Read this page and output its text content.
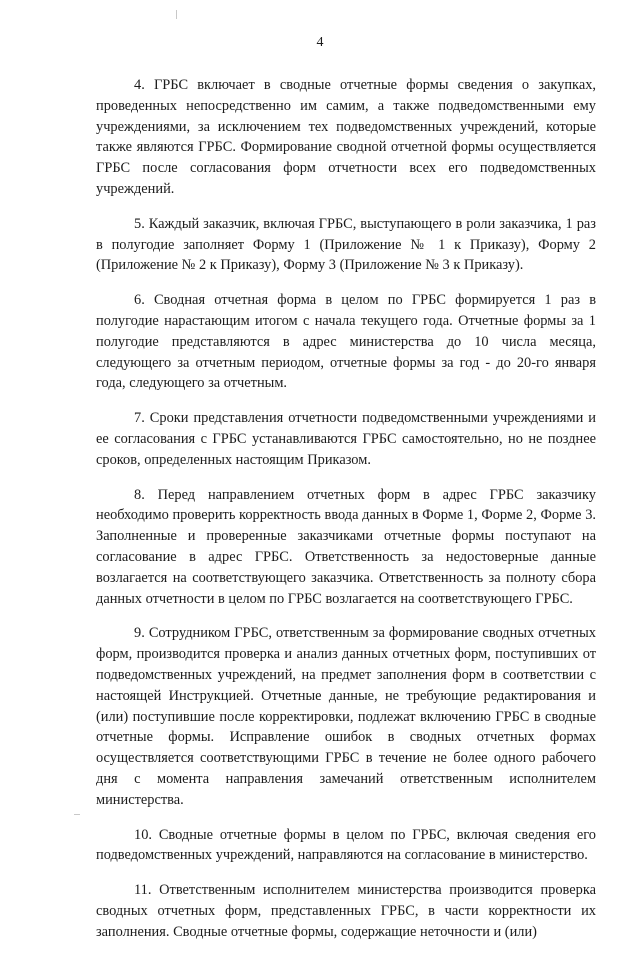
4

4. ГРБС включает в сводные отчетные формы сведения о закупках, проведенных непосредственно им самим, а также подведомственными ему учреждениями, за исключением тех подведомственных учреждений, которые также являются ГРБС. Формирование сводной отчетной формы осуществляется ГРБС после согласования форм отчетности всех его подведомственных учреждений.

5. Каждый заказчик, включая ГРБС, выступающего в роли заказчика, 1 раз в полугодие заполняет Форму 1 (Приложение № 1 к Приказу), Форму 2 (Приложение № 2 к Приказу), Форму 3 (Приложение № 3 к Приказу).

6. Сводная отчетная форма в целом по ГРБС формируется 1 раз в полугодие нарастающим итогом с начала текущего года. Отчетные формы за 1 полугодие представляются в адрес министерства до 10 числа месяца, следующего за отчетным периодом, отчетные формы за год - до 20-го января года, следующего за отчетным.

7. Сроки представления отчетности подведомственными учреждениями и ее согласования с ГРБС устанавливаются ГРБС самостоятельно, но не позднее сроков, определенных настоящим Приказом.

8. Перед направлением отчетных форм в адрес ГРБС заказчику необходимо проверить корректность ввода данных в Форме 1, Форме 2, Форме 3. Заполненные и проверенные заказчиками отчетные формы поступают на согласование в адрес ГРБС. Ответственность за недостоверные данные возлагается на соответствующего заказчика. Ответственность за полноту сбора данных отчетности в целом по ГРБС возлагается на соответствующего ГРБС.

9. Сотрудником ГРБС, ответственным за формирование сводных отчетных форм, производится проверка и анализ данных отчетных форм, поступивших от подведомственных учреждений, на предмет заполнения форм в соответствии с настоящей Инструкцией. Отчетные данные, не требующие редактирования и (или) поступившие после корректировки, подлежат включению ГРБС в сводные отчетные формы. Исправление ошибок в сводных отчетных формах осуществляется соответствующими ГРБС в течение не более одного рабочего дня с момента направления замечаний ответственным исполнителем министерства.

10. Сводные отчетные формы в целом по ГРБС, включая сведения его подведомственных учреждений, направляются на согласование в министерство.

11. Ответственным исполнителем министерства производится проверка сводных отчетных форм, представленных ГРБС, в части корректности их заполнения. Сводные отчетные формы, содержащие неточности и (или)
